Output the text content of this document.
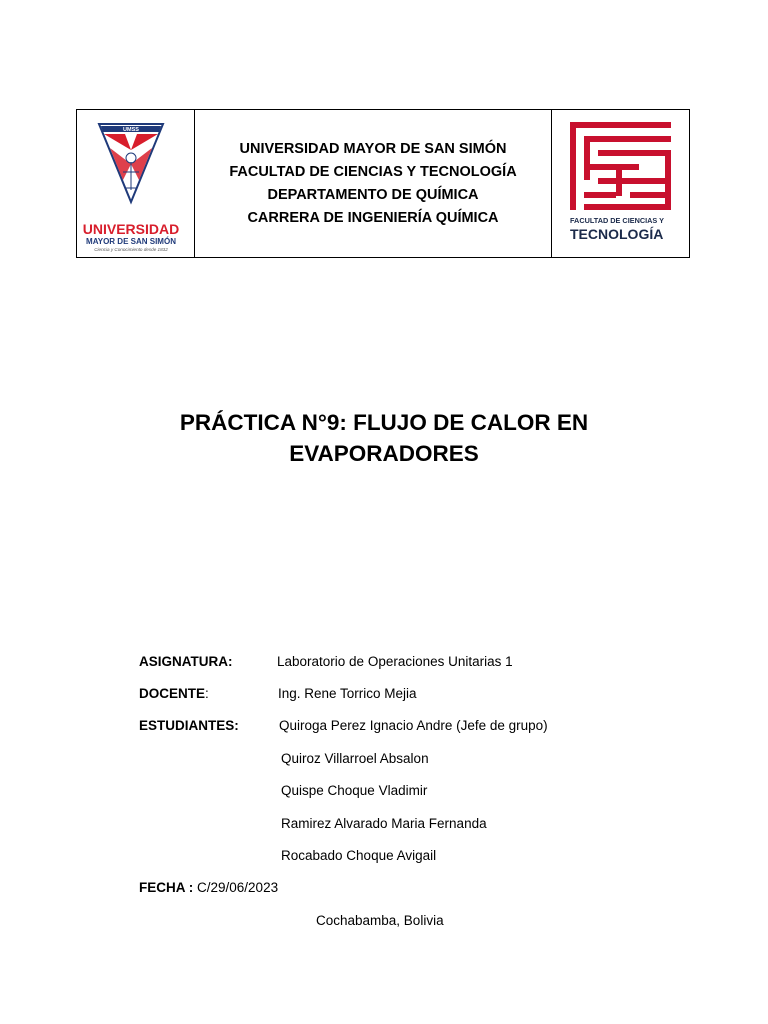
UMSS
UNIVERSIDAD
MAYOR DE SAN SIMÓN
Ciencia y Conocimiento desde 1832
UNIVERSIDAD MAYOR DE SAN SIMÓN
FACULTAD DE CIENCIAS Y TECNOLOGÍA
DEPARTAMENTO DE QUÍMICA
CARRERA DE INGENIERÍA QUÍMICA	FACULTAD DE CIENCIAS Y
TECNOLOGÍA
PRÁCTICA N°9: FLUJO DE CALOR EN
EVAPORADORES
ASIGNATURA:	Laboratorio de Operaciones Unitarias 1
DOCENTE:	Ing. Rene Torrico Mejia
ESTUDIANTES:	Quiroga Perez Ignacio Andre (Jefe de grupo)
Quiroz Villarroel Absalon
Quispe Choque Vladimir
Ramirez Alvarado Maria Fernanda
Rocabado Choque Avigail
FECHA : C/29/06/2023
Cochabamba, Bolivia
